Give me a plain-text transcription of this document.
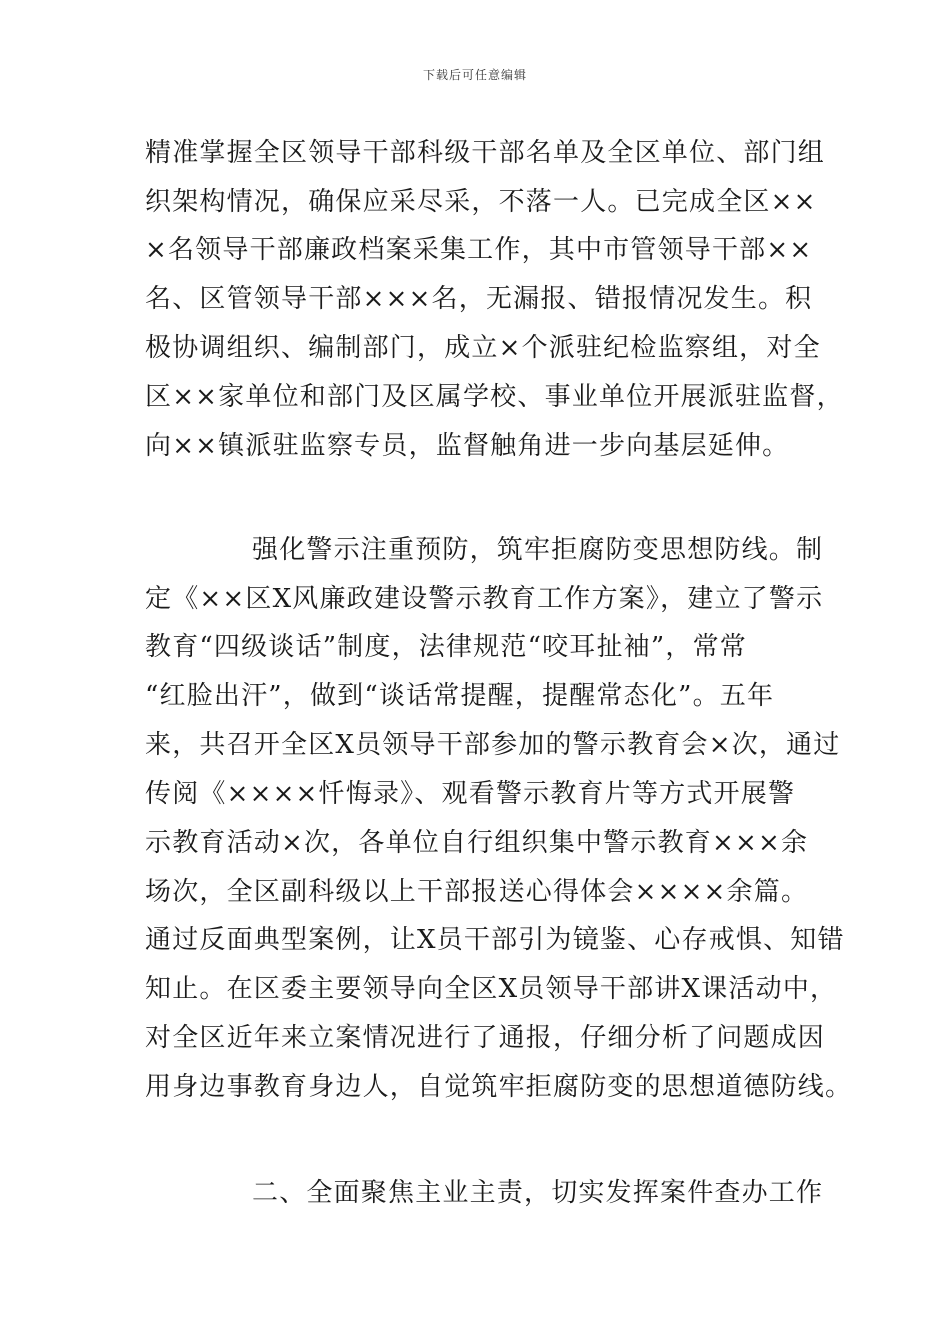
下载后可任意编辑
精准掌握全区领导干部科级干部名单及全区单位、部门组
织架构情况，确保应采尽采，不落一人。已完成全区××
×名领导干部廉政档案采集工作，其中市管领导干部××
名、区管领导干部×××名，无漏报、错报情况发生。积
极协调组织、编制部门，成立×个派驻纪检监察组，对全
区××家单位和部门及区属学校、事业单位开展派驻监督，
向××镇派驻监察专员，监督触角进一步向基层延伸。
强化警示注重预防，筑牢拒腐防变思想防线。制
定《××区X风廉政建设警示教育工作方案》，建立了警示
教育“四级谈话”制度，法律规范“咬耳扯袖”，常常
“红脸出汗”，做到“谈话常提醒，提醒常态化”。五年
来，共召开全区X员领导干部参加的警示教育会×次，通过
传阅《××××忏悔录》、观看警示教育片等方式开展警
示教育活动×次，各单位自行组织集中警示教育×××余
场次，全区副科级以上干部报送心得体会××××余篇。
通过反面典型案例，让X员干部引为镜鉴、心存戒惧、知错
知止。在区委主要领导向全区X员领导干部讲X课活动中，
对全区近年来立案情况进行了通报，仔细分析了问题成因
用身边事教育身边人，自觉筑牢拒腐防变的思想道德防线。
二、全面聚焦主业主责，切实发挥案件查办工作
